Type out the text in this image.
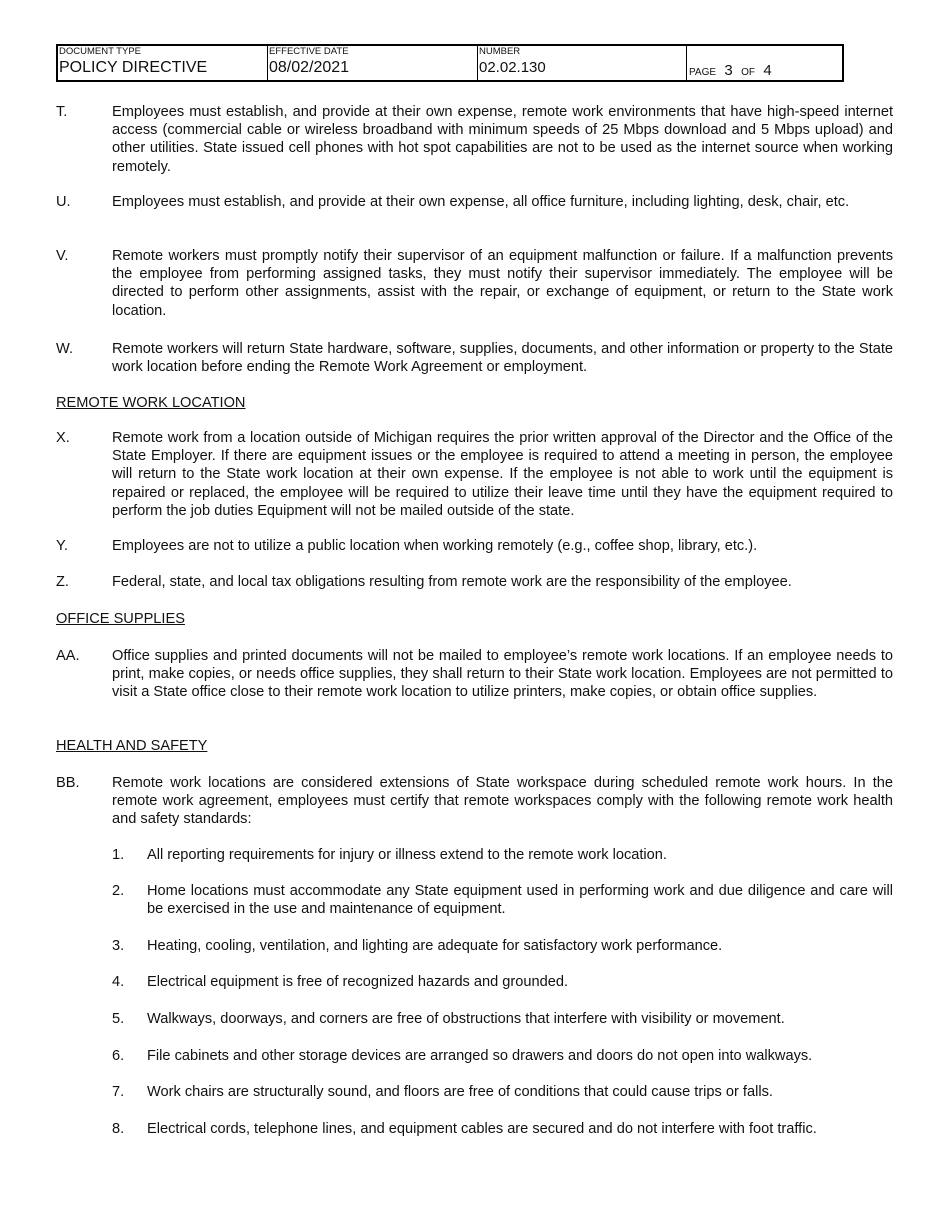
DOCUMENT TYPE
POLICY DIRECTIVE
EFFECTIVE DATE
08/02/2021
NUMBER
02.02.130	PAGE 3 OF 4
T.	Employees must establish, and provide at their own expense, remote work environments that have high-speed internet access (commercial cable or wireless broadband with minimum speeds of 25 Mbps download and 5 Mbps upload) and other utilities. State issued cell phones with hot spot capabilities are not to be used as the internet source when working remotely.
U.	Employees must establish, and provide at their own expense, all office furniture, including lighting, desk, chair, etc.
V.	Remote workers must promptly notify their supervisor of an equipment malfunction or failure. If a malfunction prevents the employee from performing assigned tasks, they must notify their supervisor immediately. The employee will be directed to perform other assignments, assist with the repair, or exchange of equipment, or return to the State work location.
W.	Remote workers will return State hardware, software, supplies, documents, and other information or property to the State work location before ending the Remote Work Agreement or employment.
REMOTE WORK LOCATION
X.	Remote work from a location outside of Michigan requires the prior written approval of the Director and the Office of the State Employer. If there are equipment issues or the employee is required to attend a meeting in person, the employee will return to the State work location at their own expense. If the employee is not able to work until the equipment is repaired or replaced, the employee will be required to utilize their leave time until they have the equipment required to perform the job duties Equipment will not be mailed outside of the state.
Y.	Employees are not to utilize a public location when working remotely (e.g., coffee shop, library, etc.).
Z.	Federal, state, and local tax obligations resulting from remote work are the responsibility of the employee.
OFFICE SUPPLIES
AA. Office supplies and printed documents will not be mailed to employee’s remote work locations. If an employee needs to print, make copies, or needs office supplies, they shall return to their State work location. Employees are not permitted to visit a State office close to their remote work location to utilize printers, make copies, or obtain office supplies.
HEALTH AND SAFETY
BB. Remote work locations are considered extensions of State workspace during scheduled remote work hours. In the remote work agreement, employees must certify that remote workspaces comply with the following remote work health and safety standards:
1. All reporting requirements for injury or illness extend to the remote work location.
2. Home locations must accommodate any State equipment used in performing work and due diligence and care will be exercised in the use and maintenance of equipment.
3. Heating, cooling, ventilation, and lighting are adequate for satisfactory work performance.
4. Electrical equipment is free of recognized hazards and grounded.
5. Walkways, doorways, and corners are free of obstructions that interfere with visibility or movement.
6. File cabinets and other storage devices are arranged so drawers and doors do not open into walkways.
7. Work chairs are structurally sound, and floors are free of conditions that could cause trips or falls.
8. Electrical cords, telephone lines, and equipment cables are secured and do not interfere with foot traffic.
